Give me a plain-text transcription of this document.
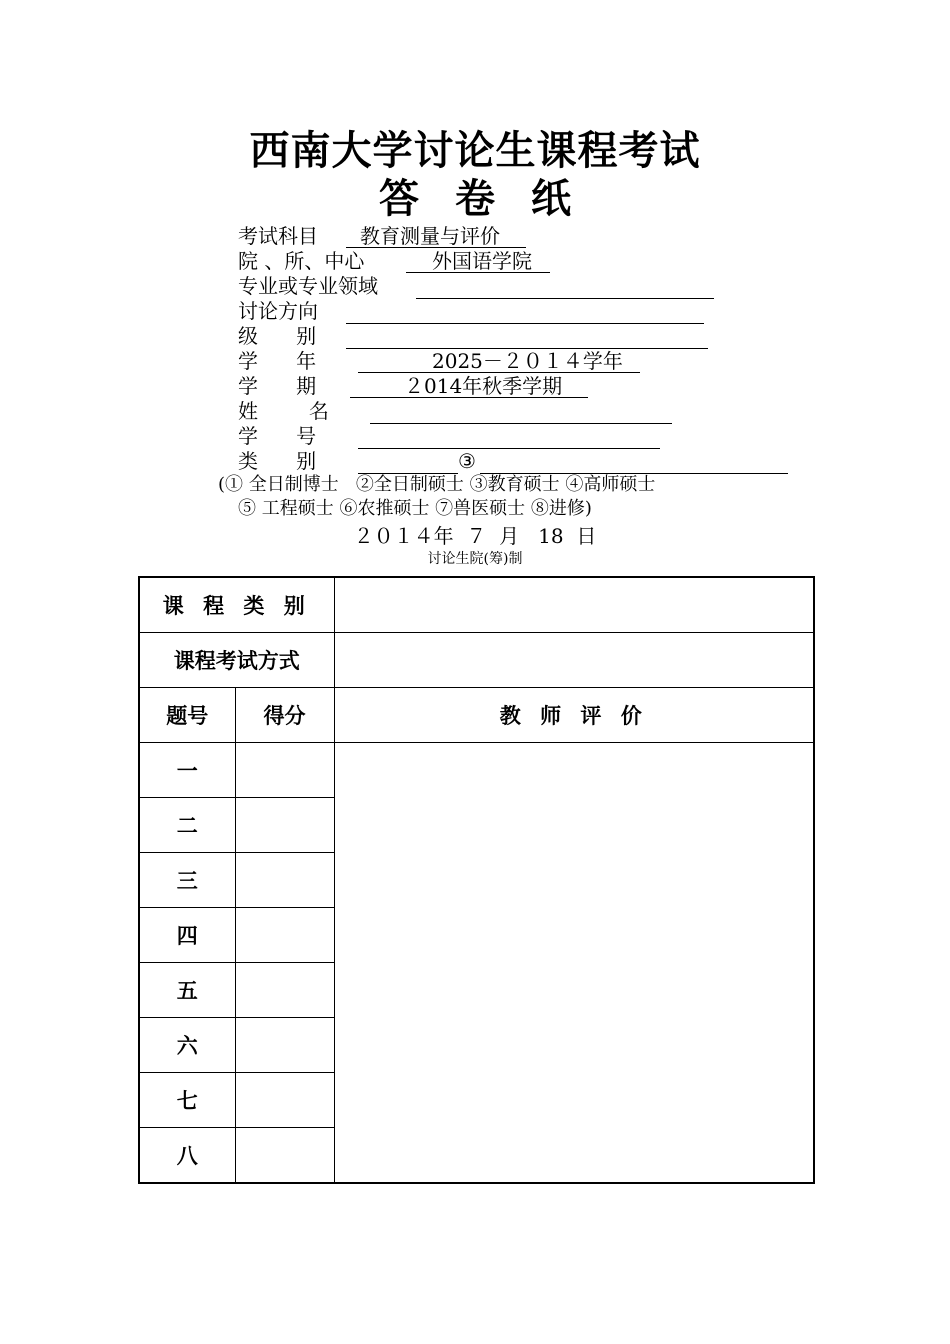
西南大学讨论生课程考试
答卷纸
考试科目	教育测量与评价
院 、所、中心	外国语学院
专业或专业领域
讨论方向
级      别
学      年	2025－２０１４学年
学      期	２014年秋季学期
姓        名
学      号
类      别	③
(① 全日制博士   ②全日制硕士 ③教育硕士 ④高师硕士
⑤ 工程硕士 ⑥农推硕士 ⑦兽医硕士 ⑧进修)
２０１４年  ７  月   18  日
讨论生院(筹)制
课 程 类 别		
课程考试方式		
题号	得分	教 师 评 价
一		
二		
三		
四		
五		
六		
七		
八		
